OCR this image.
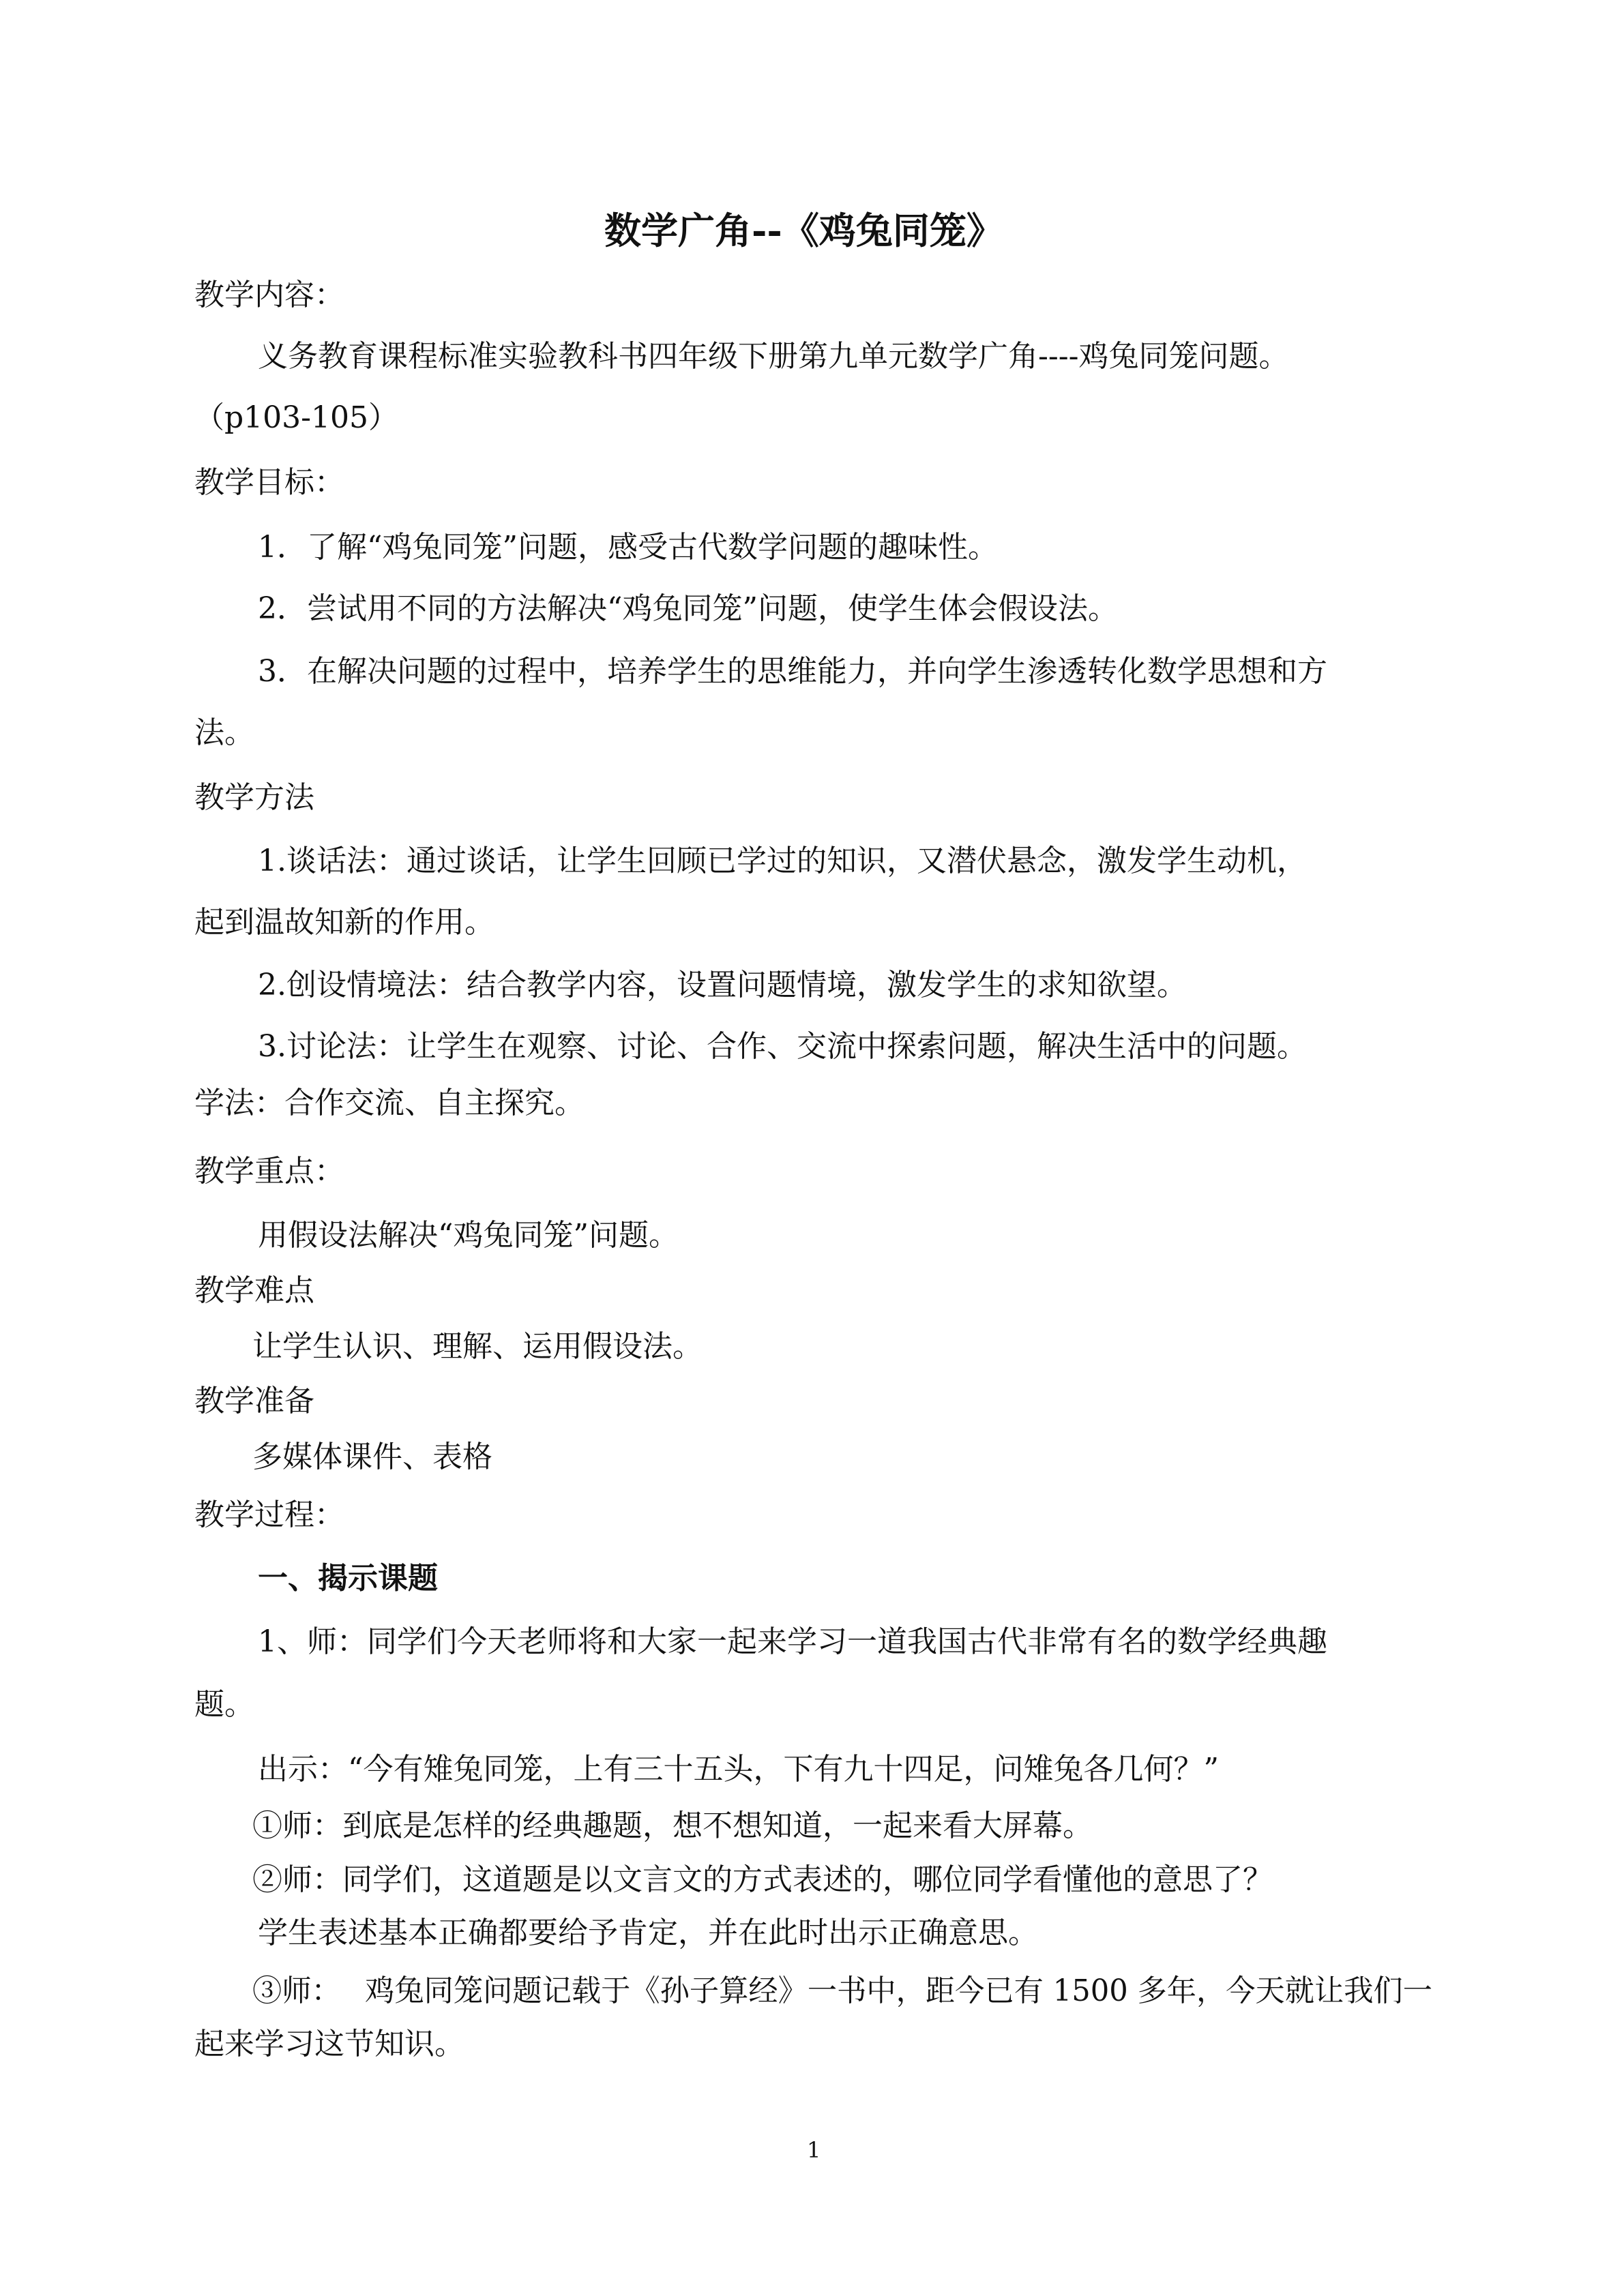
数学广角--《鸡兔同笼》

教学内容：

义务教育课程标准实验教科书四年级下册第九单元数学广角----鸡兔同笼问题。

（p103-105）

教学目标：

1．了解“鸡兔同笼”问题，感受古代数学问题的趣味性。

2．尝试用不同的方法解决“鸡兔同笼”问题，使学生体会假设法。

3．在解决问题的过程中，培养学生的思维能力，并向学生渗透转化数学思想和方

法。

教学方法

1.谈话法：通过谈话，让学生回顾已学过的知识，又潜伏悬念，激发学生动机，

起到温故知新的作用。

2.创设情境法：结合教学内容，设置问题情境，激发学生的求知欲望。

3.讨论法：让学生在观察、讨论、合作、交流中探索问题，解决生活中的问题。

学法：合作交流、自主探究。

教学重点：

用假设法解决“鸡兔同笼”问题。

教学难点

让学生认识、理解、运用假设法。

教学准备

多媒体课件、表格

教学过程：

一、揭示课题

1、师：同学们今天老师将和大家一起来学习一道我国古代非常有名的数学经典趣

题。

出示：“今有雉兔同笼，上有三十五头，下有九十四足，问雉兔各几何？”

①师：到底是怎样的经典趣题，想不想知道，一起来看大屏幕。

②师：同学们，这道题是以文言文的方式表述的，哪位同学看懂他的意思了？

学生表述基本正确都要给予肯定，并在此时出示正确意思。

③师：　 鸡兔同笼问题记载于《孙子算经》一书中，距今已有 1500 多年，今天就让我们一

起来学习这节知识。

1
